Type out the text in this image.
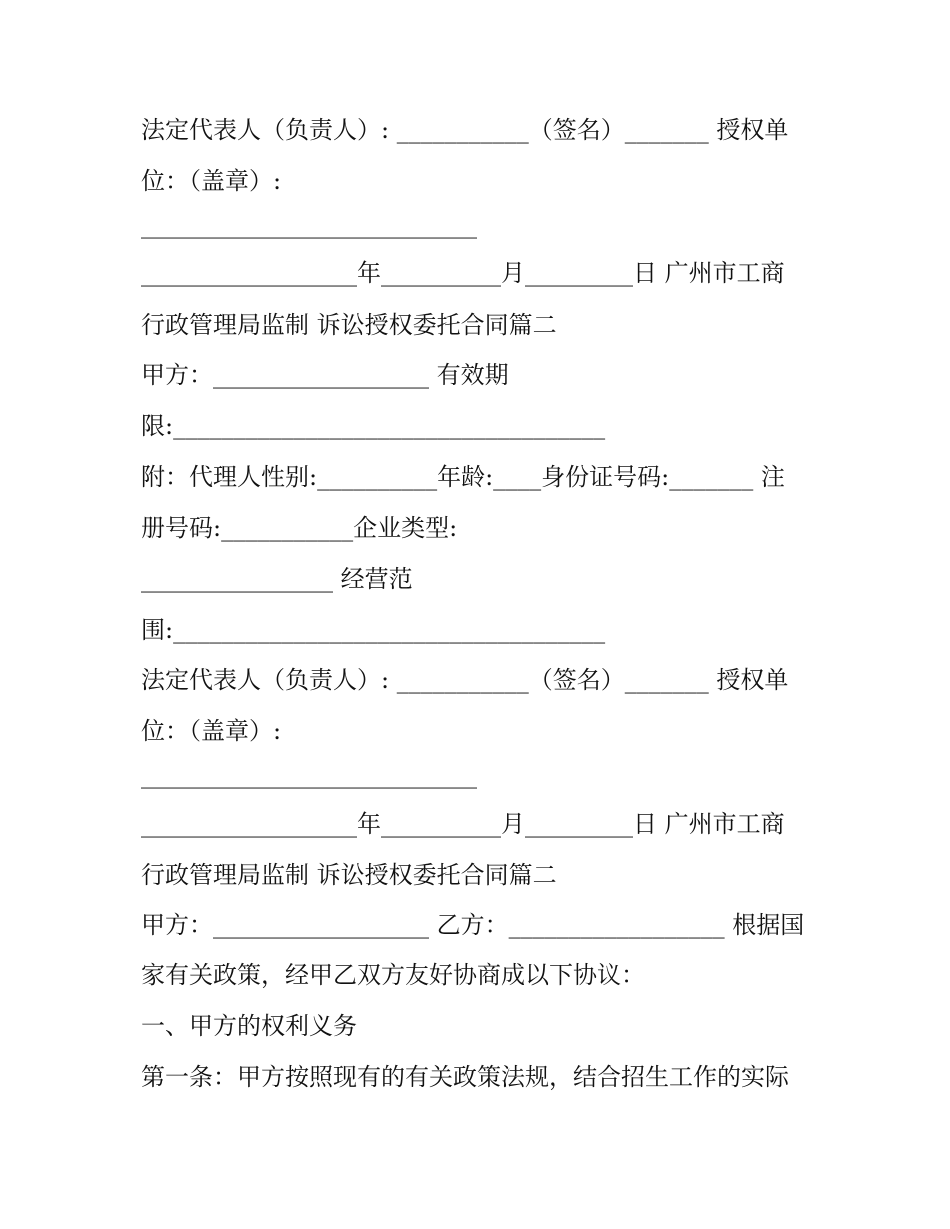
法定代表人（负责人）: ___________（签名）_______ 授权单
位：（盖章）:
____________________________
__________________年__________月_________日 广州市工商
行政管理局监制 诉讼授权委托合同篇二
甲方：__________________ 有效期
限:____________________________________
附：代理人性别:__________年龄:____身份证号码:_______ 注
册号码:___________企业类型:
________________ 经营范
围:____________________________________
法定代表人（负责人）: ___________（签名）_______ 授权单
位：（盖章）:
____________________________
__________________年__________月_________日 广州市工商
行政管理局监制 诉讼授权委托合同篇二
甲方：__________________ 乙方：__________________ 根据国
家有关政策，经甲乙双方友好协商成以下协议：
一、甲方的权利义务
第一条：甲方按照现有的有关政策法规，结合招生工作的实际
